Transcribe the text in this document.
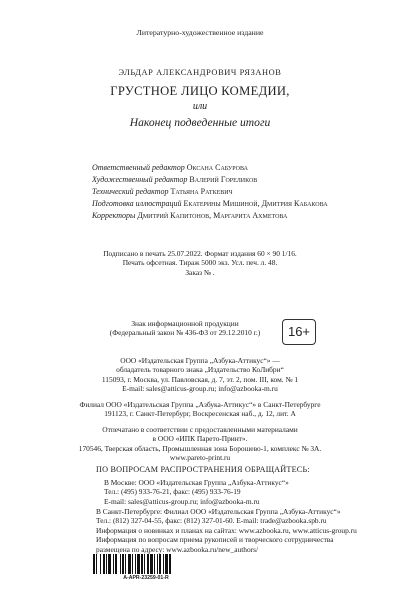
Литературно-художественное издание
ЭЛЬДАР АЛЕКСАНДРОВИЧ РЯЗАНОВ
ГРУСТНОЕ ЛИЦО КОМЕДИИ,
или
Наконец подведенные итоги
Ответственный редактор Оксана Сабурова
Художественный редактор Валерий Гореликов
Технический редактор Татьяна Раткевич
Подготовка иллюстраций Екатерины Мишиной, Дмитрия Кабакова
Корректоры Дмитрий Капитонов, Маргарита Ахметова
Подписано в печать 25.07.2022. Формат издания 60 × 90 1/16.
Печать офсетная. Тираж 5000 экз. Усл. печ. л. 48.
Заказ № .
Знак информационной продукции
(Федеральный закон № 436-ФЗ от 29.12.2010 г.)	16+
ООО «Издательская Группа „Азбука-Аттикус“» —
обладатель товарного знака „Издательство КоЛибри“
115093, г. Москва, ул. Павловская, д. 7, эт. 2, пом. III, ком. № 1
E-mail: sales@atticus-group.ru; info@azbooka-m.ru
Филиал ООО «Издательская Группа „Азбука-Аттикус“» в Санкт-Петербурге
191123, г. Санкт-Петербург, Воскресенская наб., д. 12, лит. А
Отпечатано в соответствии с предоставленными материалами
в ООО «ИПК Парето-Принт».
170546, Тверская область, Промышленная зона Борошево-1, комплекс № 3А.
www.pareto-print.ru
ПО ВОПРОСАМ РАСПРОСТРАНЕНИЯ ОБРАЩАЙТЕСЬ:
В Москве: ООО «Издательская Группа „Азбука-Аттикус“»
Тел.: (495) 933-76-21, факс: (495) 933-76-19
E-mail: sales@atticus-group.ru; info@azbooka-m.ru
В Санкт-Петербурге: Филиал ООО «Издательская Группа „Азбука-Аттикус“»
Тел.: (812) 327-04-55, факс: (812) 327-01-60. E-mail: trade@azbooka.spb.ru
Информация о новинках и планах на сайтах: www.azbooka.ru, www.atticus-group.ru
Информация по вопросам приема рукописей и творческого сотрудничества
размещена по адресу: www.azbooka.ru/new_authors/
A-APR-23259-01-R
